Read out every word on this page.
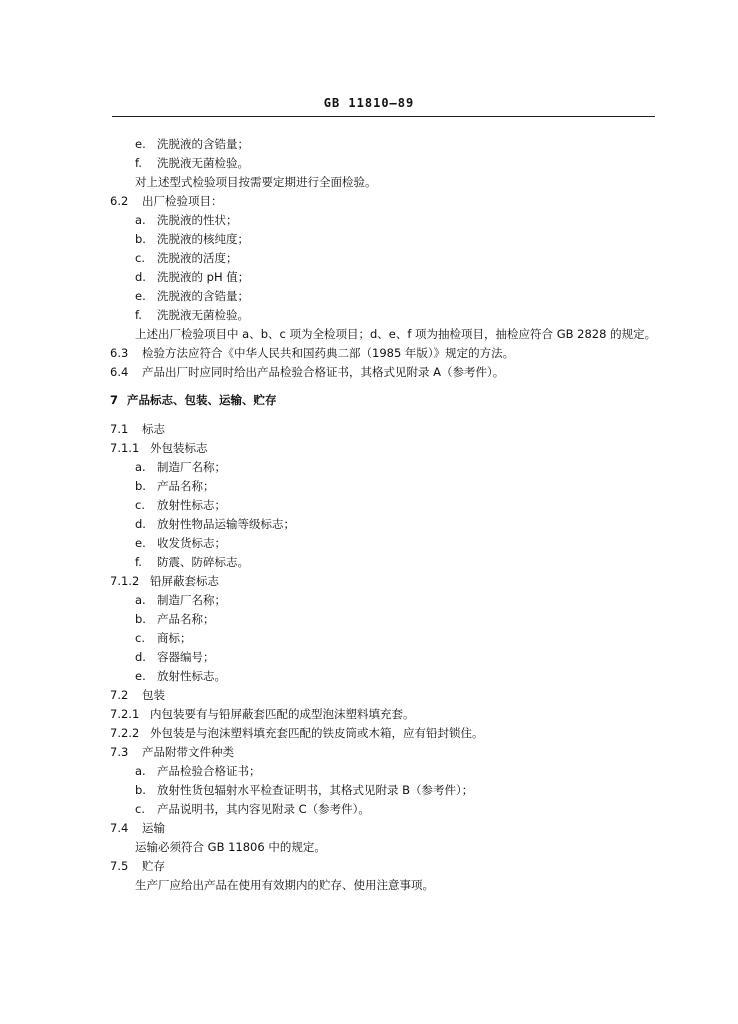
GB 11810—89
e. 洗脱液的含锆量；
f. 洗脱液无菌检验。
对上述型式检验项目按需要定期进行全面检验。
6.2 出厂检验项目：
a. 洗脱液的性状；
b. 洗脱液的核纯度；
c. 洗脱液的活度；
d. 洗脱液的 pH 值；
e. 洗脱液的含锆量；
f. 洗脱液无菌检验。
上述出厂检验项目中 a、b、c 项为全检项目；d、e、f 项为抽检项目，抽检应符合 GB 2828 的规定。
6.3 检验方法应符合《中华人民共和国药典二部（1985 年版）》规定的方法。
6.4 产品出厂时应同时给出产品检验合格证书，其格式见附录 A（参考件）。
7 产品标志、包装、运输、贮存
7.1 标志
7.1.1 外包装标志
a. 制造厂名称；
b. 产品名称；
c. 放射性标志；
d. 放射性物品运输等级标志；
e. 收发货标志；
f. 防震、防碎标志。
7.1.2 铅屏蔽套标志
a. 制造厂名称；
b. 产品名称；
c. 商标；
d. 容器编号；
e. 放射性标志。
7.2 包装
7.2.1 内包装要有与铅屏蔽套匹配的成型泡沫塑料填充套。
7.2.2 外包装是与泡沫塑料填充套匹配的铁皮筒或木箱，应有铅封锁住。
7.3 产品附带文件种类
a. 产品检验合格证书；
b. 放射性货包辐射水平检查证明书，其格式见附录 B（参考件）；
c. 产品说明书，其内容见附录 C（参考件）。
7.4 运输
运输必须符合 GB 11806 中的规定。
7.5 贮存
生产厂应给出产品在使用有效期内的贮存、使用注意事项。
